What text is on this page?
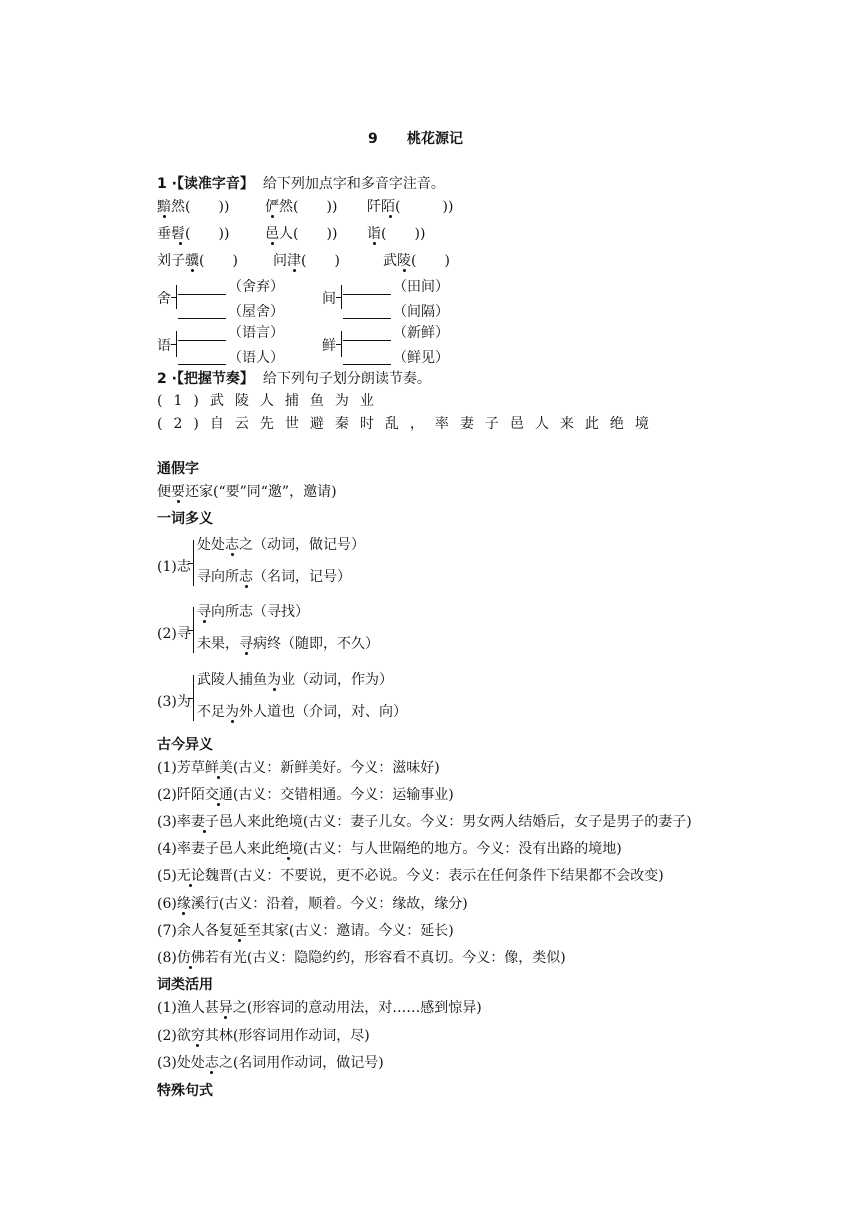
9 桃花源记
1 ·【读准字音】 给下列加点字和多音字注音。
黯然(　　))	俨然(　　)) 阡陌(　　　))
垂髫(　　))	邑人(　　)) 诣(　　))
刘子骥(　　)	问津(　　)	武陵(　　)
舍
（舍弃）
（屋舍）
间
（田间）
（间隔）
语
（语言）
（语人）
鲜
（新鲜）
（鲜见）
2 ·【把握节奏】 给下列句子划分朗读节奏。
(1)武陵人捕鱼为业
(2)自云先世避秦时乱，率妻子邑人来此绝境
通假字
便要还家(“要”同“邀”，邀请)
一词多义
(1)志
处处志之（动词，做记号）
寻向所志（名词，记号）
(2)寻
寻向所志（寻找）
未果，寻病终（随即，不久）
(3)为
武陵人捕鱼为业（动词，作为）
不足为外人道也（介词，对、向）
古今异义
(1)芳草鲜美(古义：新鲜美好。今义：滋味好)
(2)阡陌交通(古义：交错相通。今义：运输事业)
(3)率妻子邑人来此绝境(古义：妻子儿女。今义：男女两人结婚后，女子是男子的妻子)
(4)率妻子邑人来此绝境(古义：与人世隔绝的地方。今义：没有出路的境地)
(5)无论魏晋(古义：不要说，更不必说。今义：表示在任何条件下结果都不会改变)
(6)缘溪行(古义：沿着，顺着。今义：缘故，缘分)
(7)余人各复延至其家(古义：邀请。今义：延长)
(8)仿佛若有光(古义：隐隐约约，形容看不真切。今义：像，类似)
词类活用
(1)渔人甚异之(形容词的意动用法，对……感到惊异)
(2)欲穷其林(形容词用作动词，尽)
(3)处处志之(名词用作动词，做记号)
特殊句式
